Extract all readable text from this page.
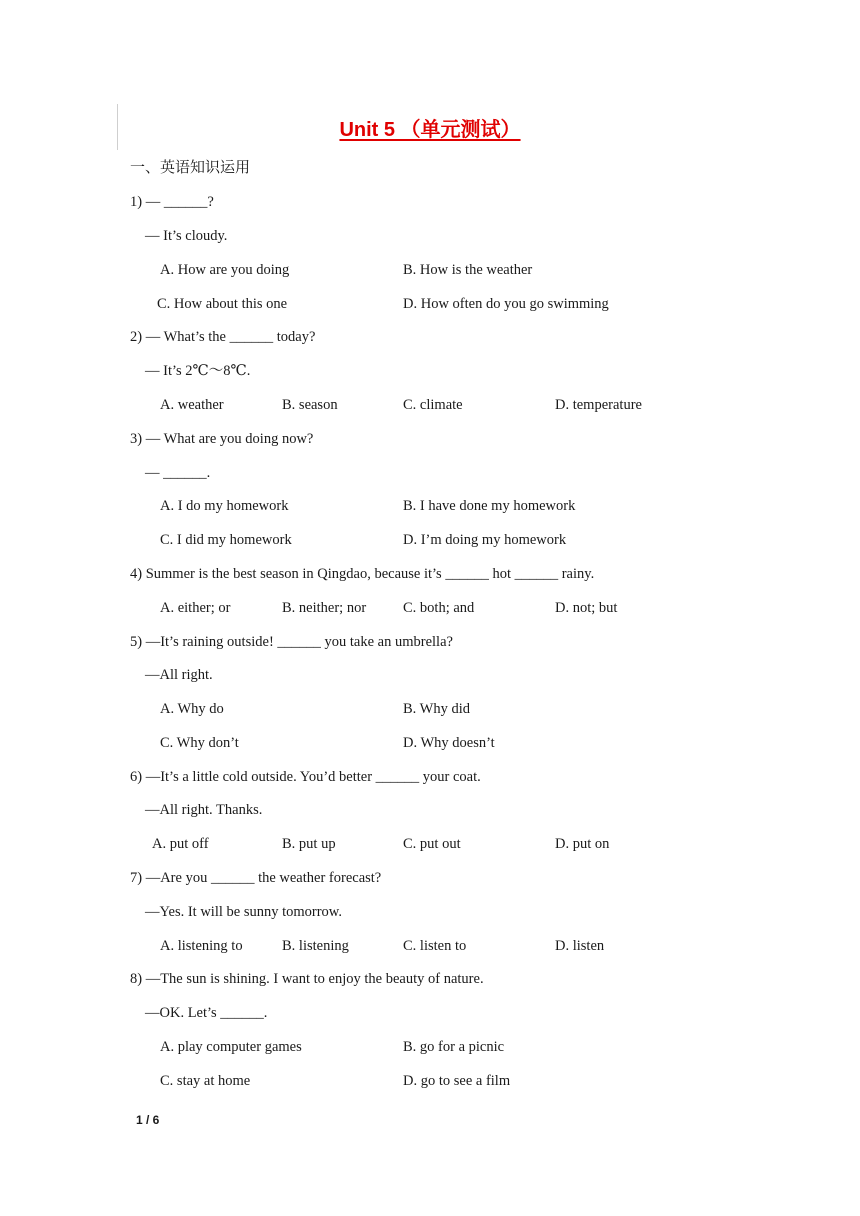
Unit 5 （单元测试）
一、英语知识运用
1) — ______?
— It’s cloudy.
A. How are you doing	B. How is the weather
C. How about this one	D. How often do you go swimming
2) — What’s the ______ today?
— It’s 2℃～8℃.
A. weather	B. season	C. climate	D. temperature
3) — What are you doing now?
— ______.
A. I do my homework	B. I have done my homework
C. I did my homework	D. I’m doing my homework
4) Summer is the best season in Qingdao, because it’s ______ hot ______ rainy.
A. either; or	B. neither; nor	C. both; and	D. not; but
5) —It’s raining outside! ______ you take an umbrella?
—All right.
A. Why do	B. Why did
C. Why don’t	D. Why doesn’t
6) —It’s a little cold outside. You’d better ______ your coat.
—All right. Thanks.
A. put off	B. put up	C. put out	D. put on
7) —Are you ______ the weather forecast?
—Yes. It will be sunny tomorrow.
A. listening to	B. listening	C. listen to	D. listen
8) —The sun is shining. I want to enjoy the beauty of nature.
—OK. Let’s ______.
A. play computer games	B. go for a picnic
C. stay at home	D. go to see a film
1 / 6
